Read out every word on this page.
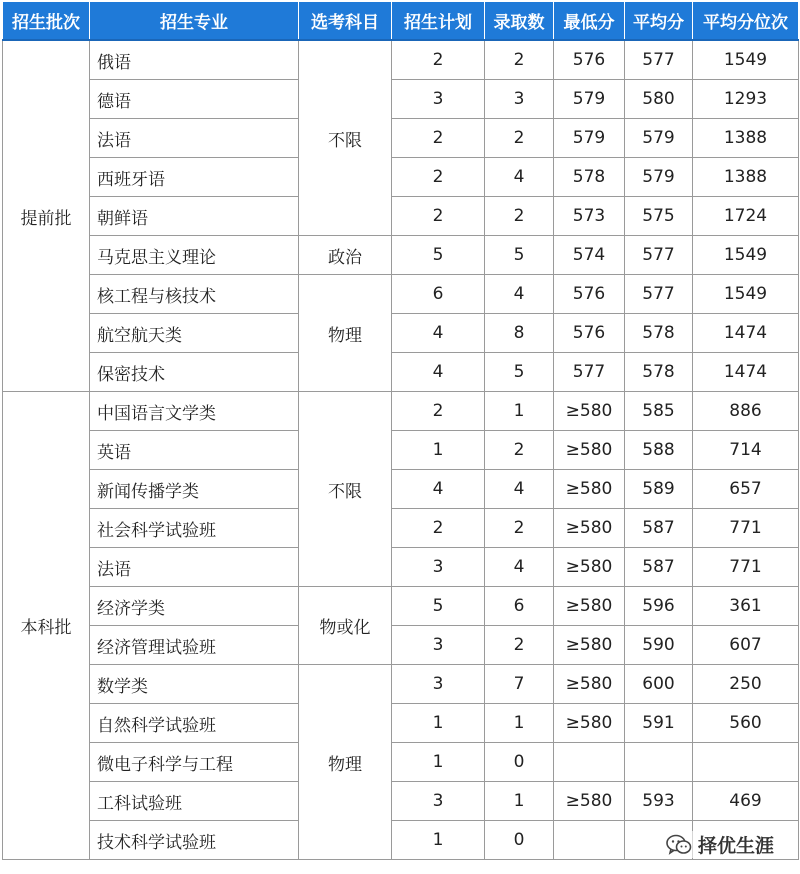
招生批次	招生专业	选考科目	招生计划	录取数	最低分	平均分	平均分位次
提前批	俄语	不限	2	2	576	577	1549
	德语		3	3	579	580	1293
	法语		2	2	579	579	1388
	西班牙语		2	4	578	579	1388
	朝鲜语		2	2	573	575	1724
	马克思主义理论	政治	5	5	574	577	1549
	核工程与核技术	物理	6	4	576	577	1549
	航空航天类		4	8	576	578	1474
	保密技术		4	5	577	578	1474
本科批	中国语言文学类	不限	2	1	≥580	585	886
	英语		1	2	≥580	588	714
	新闻传播学类		4	4	≥580	589	657
	社会科学试验班		2	2	≥580	587	771
	法语		3	4	≥580	587	771
	经济学类	物或化	5	6	≥580	596	361
	经济管理试验班		3	2	≥580	590	607
	数学类	物理	3	7	≥580	600	250
	自然科学试验班		1	1	≥580	591	560
	微电子科学与工程		1	0			
	工科试验班		3	1	≥580	593	469
	技术科学试验班		1	0				择优生涯
